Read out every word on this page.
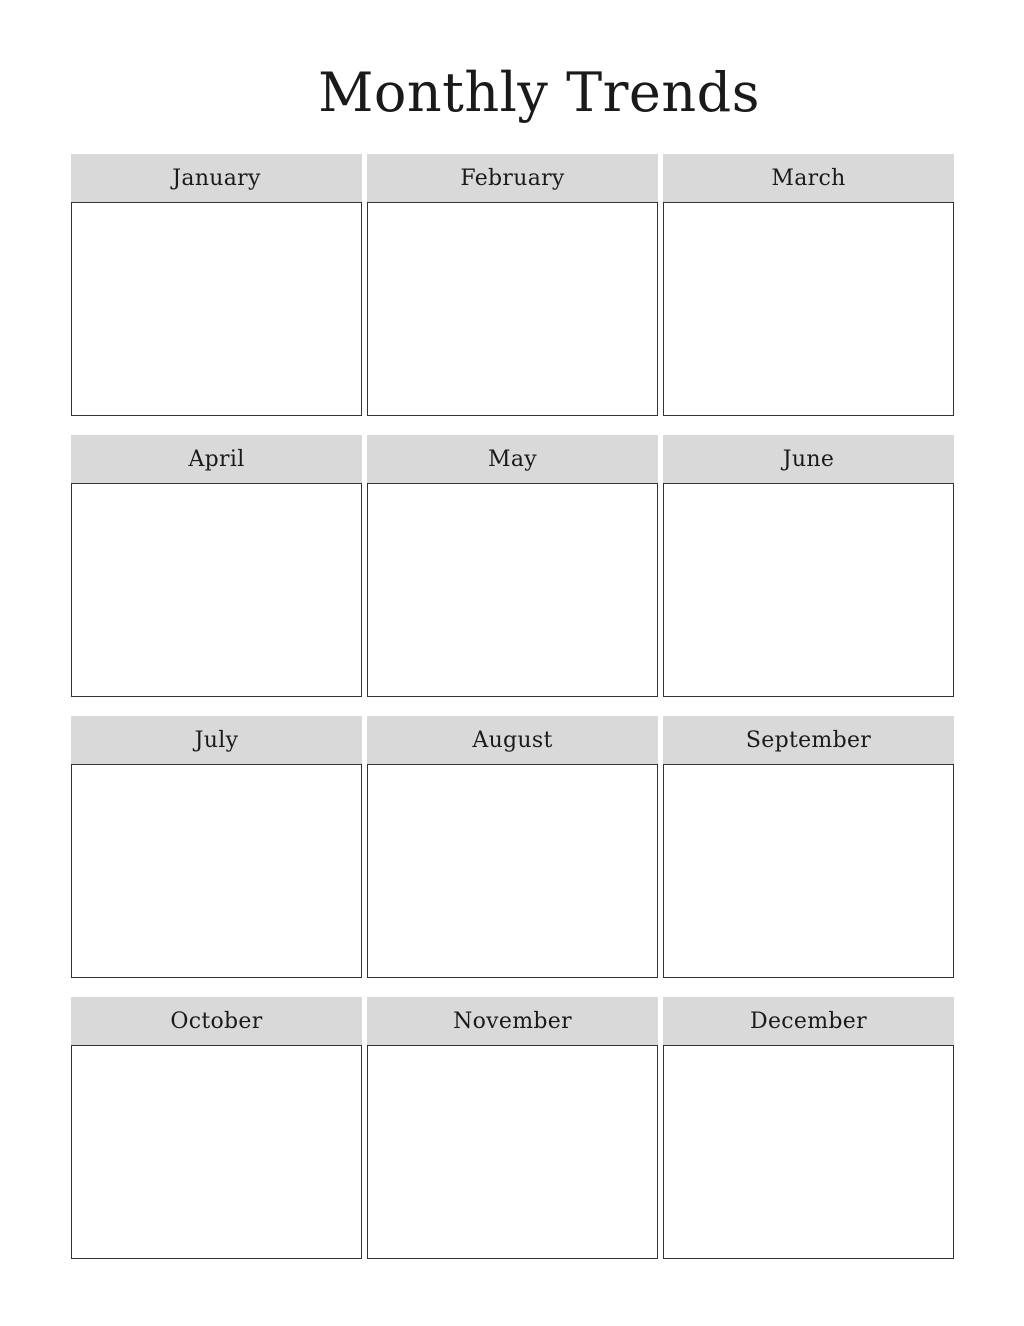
Monthly Trends
January	February	March
April	May	June
July	August	September
October	November	December
